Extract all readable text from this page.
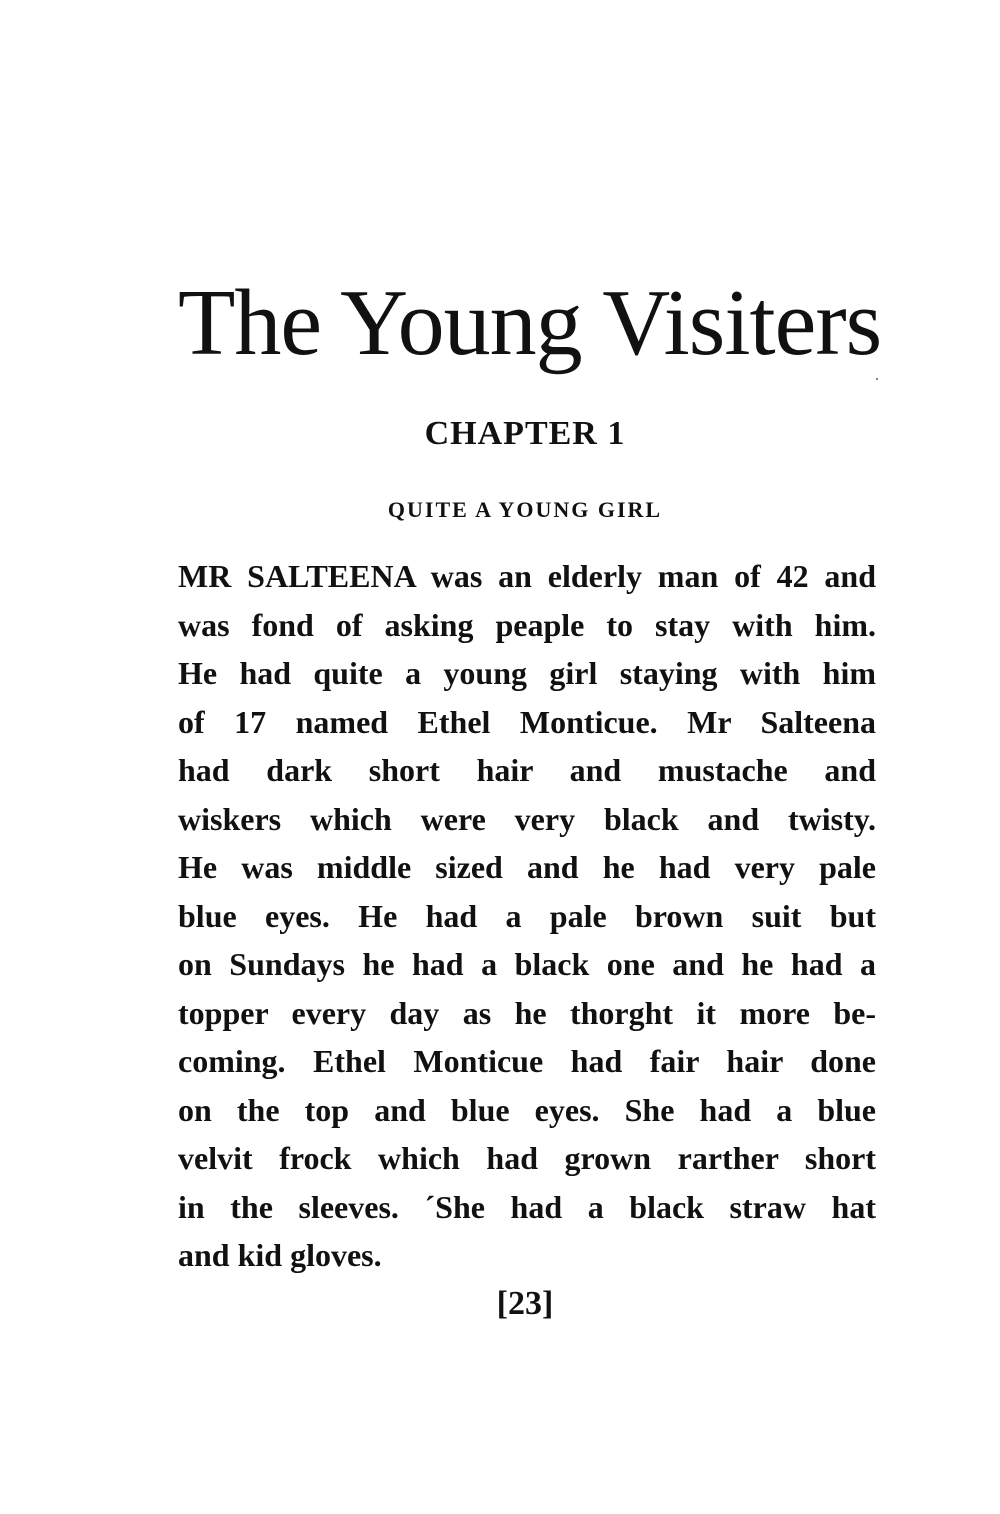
The Young Visiters
CHAPTER 1
QUITE A YOUNG GIRL
MR SALTEENA was an elderly man of 42 and
was fond of asking peaple to stay with him.
He had quite a young girl staying with him
of 17 named Ethel Monticue. Mr Salteena
had dark short hair and mustache and
wiskers which were very black and twisty.
He was middle sized and he had very pale
blue eyes. He had a pale brown suit but
on Sundays he had a black one and he had a
topper every day as he thorght it more be-
coming. Ethel Monticue had fair hair done
on the top and blue eyes. She had a blue
velvit frock which had grown rarther short
in the sleeves. ´She had a black straw hat
and kid gloves.
[23]
